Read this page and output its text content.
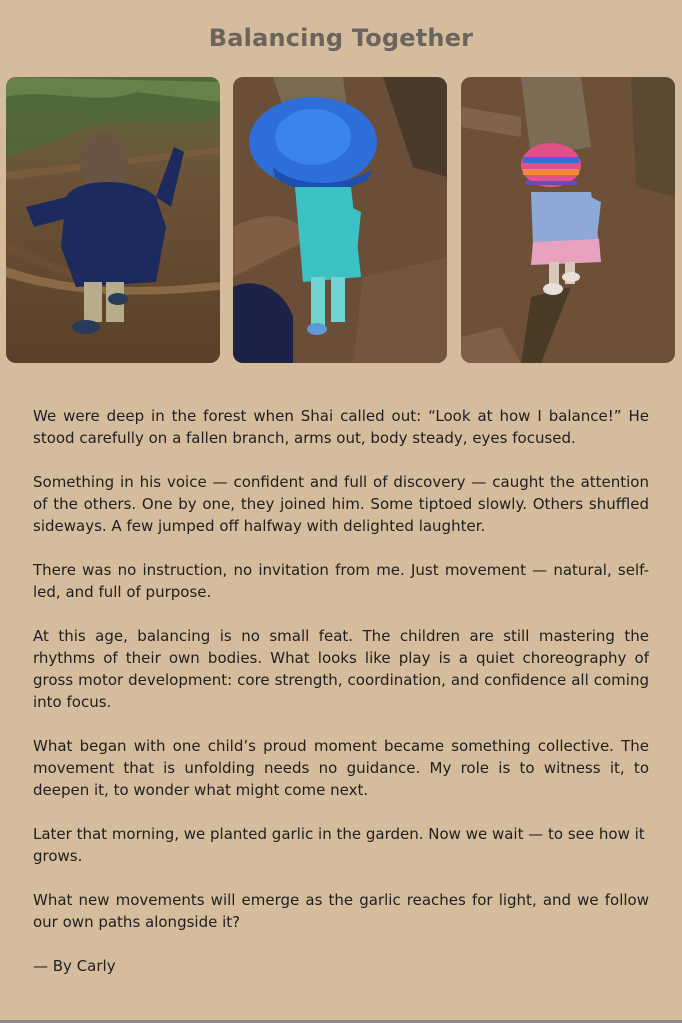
Balancing Together

We were deep in the forest when Shai called out: “Look at how I balance!” He stood carefully on a fallen branch, arms out, body steady, eyes focused.

Something in his voice — confident and full of discovery — caught the attention of the others. One by one, they joined him. Some tiptoed slowly. Others shuffled sideways. A few jumped off halfway with delighted laughter.

There was no instruction, no invitation from me. Just movement — natural, self-led, and full of purpose.

At this age, balancing is no small feat. The children are still mastering the rhythms of their own bodies. What looks like play is a quiet choreography of gross motor development: core strength, coordination, and confidence all coming into focus.

What began with one child’s proud moment became something collective. The movement that is unfolding needs no guidance. My role is to witness it, to deepen it, to wonder what might come next.

Later that morning, we planted garlic in the garden. Now we wait — to see how it grows.

What new movements will emerge as the garlic reaches for light, and we follow our own paths alongside it?

— By Carly
